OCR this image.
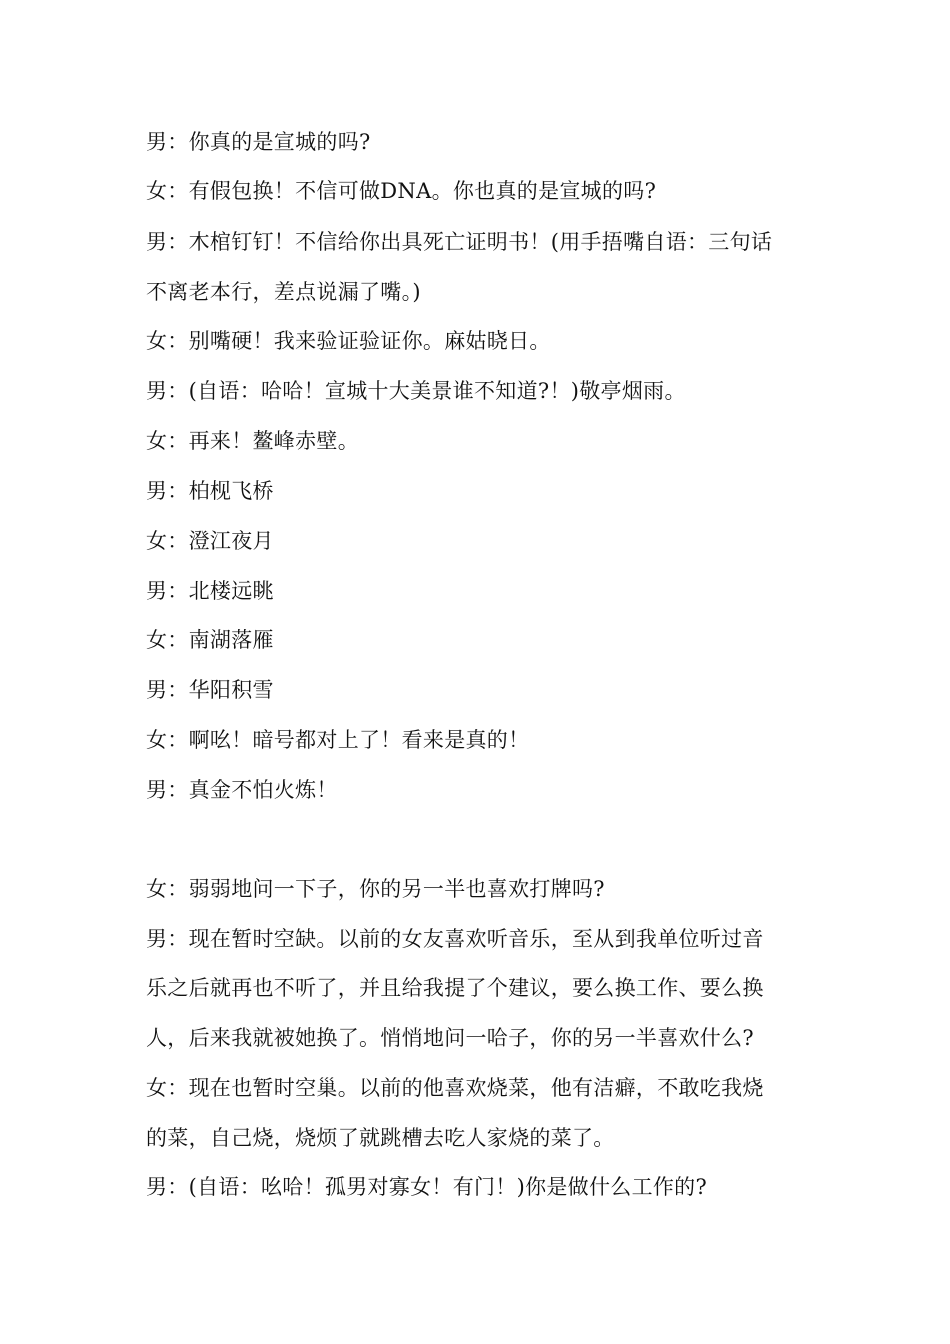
男：你真的是宣城的吗?
女：有假包换！不信可做DNA。你也真的是宣城的吗?
男：木棺钉钉！不信给你出具死亡证明书！(用手捂嘴自语：三句话
不离老本行，差点说漏了嘴。)
女：别嘴硬！我来验证验证你。麻姑晓日。
男：(自语：哈哈！宣城十大美景谁不知道?！)敬亭烟雨。
女：再来！鳌峰赤壁。
男：柏枧飞桥
女：澄江夜月
男：北楼远眺
女：南湖落雁
男：华阳积雪
女：啊吆！暗号都对上了！看来是真的！
男：真金不怕火炼！
女：弱弱地问一下子，你的另一半也喜欢打牌吗?
男：现在暂时空缺。以前的女友喜欢听音乐，至从到我单位听过音
乐之后就再也不听了，并且给我提了个建议，要么换工作、要么换
人，后来我就被她换了。悄悄地问一哈子，你的另一半喜欢什么?
女：现在也暂时空巢。以前的他喜欢烧菜，他有洁癖，不敢吃我烧
的菜，自己烧，烧烦了就跳槽去吃人家烧的菜了。
男：(自语：吆哈！孤男对寡女！有门！)你是做什么工作的?
